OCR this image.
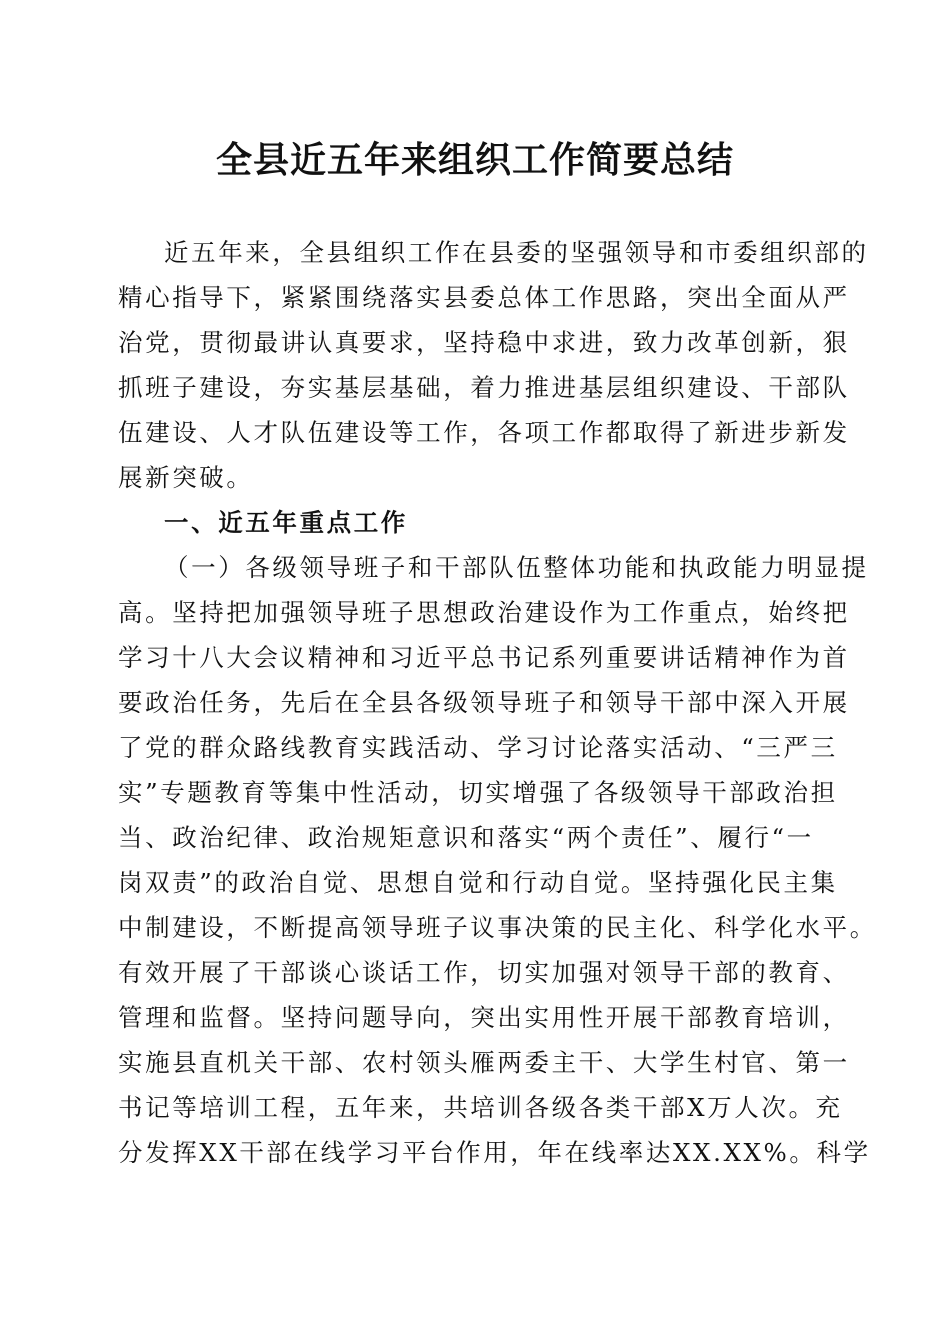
全县近五年来组织工作简要总结
近五年来，全县组织工作在县委的坚强领导和市委组织部的
精心指导下，紧紧围绕落实县委总体工作思路，突出全面从严
治党，贯彻最讲认真要求，坚持稳中求进，致力改革创新，狠
抓班子建设，夯实基层基础，着力推进基层组织建设、干部队
伍建设、人才队伍建设等工作，各项工作都取得了新进步新发
展新突破。
一、近五年重点工作
（一）各级领导班子和干部队伍整体功能和执政能力明显提
高。坚持把加强领导班子思想政治建设作为工作重点，始终把
学习十八大会议精神和习近平总书记系列重要讲话精神作为首
要政治任务，先后在全县各级领导班子和领导干部中深入开展
了党的群众路线教育实践活动、学习讨论落实活动、“三严三
实”专题教育等集中性活动，切实增强了各级领导干部政治担
当、政治纪律、政治规矩意识和落实“两个责任”、履行“一
岗双责”的政治自觉、思想自觉和行动自觉。坚持强化民主集
中制建设，不断提高领导班子议事决策的民主化、科学化水平。
有效开展了干部谈心谈话工作，切实加强对领导干部的教育、
管理和监督。坚持问题导向，突出实用性开展干部教育培训，
实施县直机关干部、农村领头雁两委主干、大学生村官、第一
书记等培训工程，五年来，共培训各级各类干部X万人次。充
分发挥XX干部在线学习平台作用，年在线率达XX.XX%。科学
